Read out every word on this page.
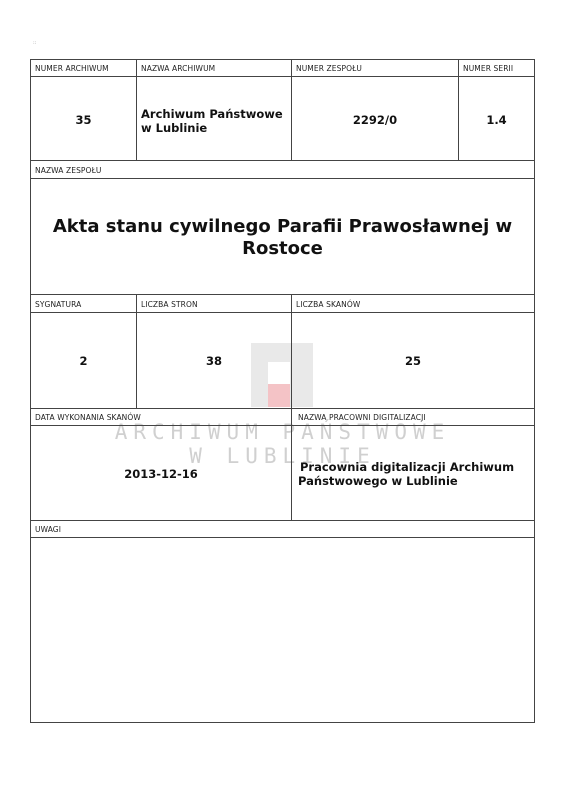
::
ARCHIWUM PAŃSTWOWE
W LUBLINIE
NUMER ARCHIWUM
35
NAZWA ARCHIWUM
Archiwum Państwowe
w Lublinie
NUMER ZESPOŁU
2292/0
NUMER SERII
1.4
NAZWA ZESPOŁU
Akta stanu cywilnego Parafii Prawosławnej w
Rostoce
SYGNATURA
2
LICZBA STRON
38
LICZBA SKANÓW
25
DATA WYKONANIA SKANÓW
2013-12-16
NAZWA PRACOWNI DIGITALIZACJI
Pracownia digitalizacji Archiwum
Państwowego w Lublinie
UWAGI
